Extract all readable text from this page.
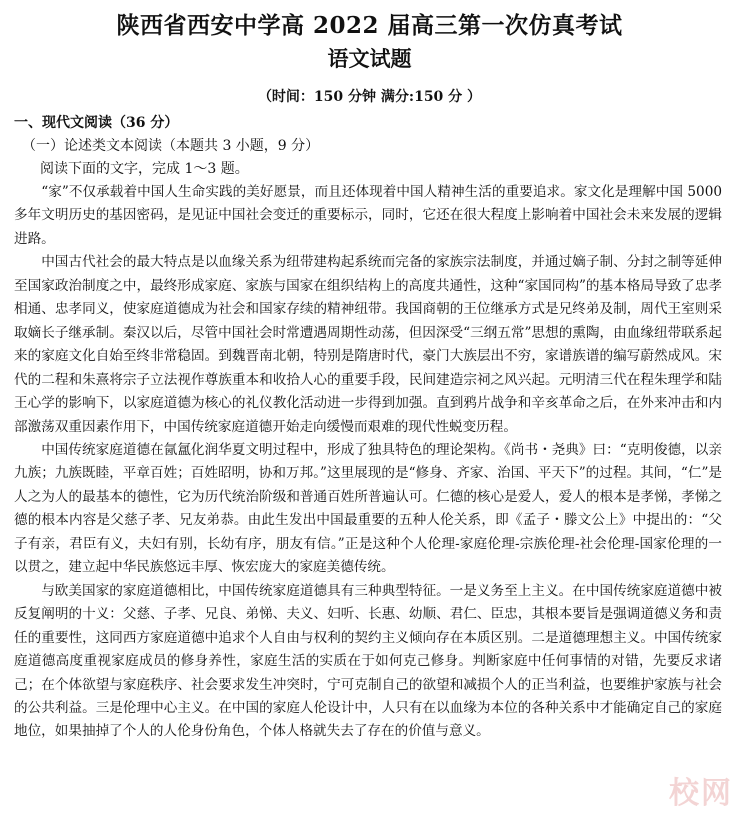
陕西省西安中学高 2022 届高三第一次仿真考试
语文试题
（时间：150 分钟 满分:150 分 ）
一、现代文阅读（36 分）
（一）论述类文本阅读（本题共 3 小题，9 分）
阅读下面的文字，完成 1～3 题。

“家”不仅承载着中国人生命实践的美好愿景，而且还体现着中国人精神生活的重要追求。家文化是理解中国 5000 多年文明历史的基因密码，是见证中国社会变迁的重要标示，同时，它还在很大程度上影响着中国社会未来发展的逻辑进路。

中国古代社会的最大特点是以血缘关系为纽带建构起系统而完备的家族宗法制度，并通过嫡子制、分封之制等延伸至国家政治制度之中，最终形成家庭、家族与国家在组织结构上的高度共通性，这种“家国同构”的基本格局导致了忠孝相通、忠孝同义，使家庭道德成为社会和国家存续的精神纽带。我国商朝的王位继承方式是兄终弟及制，周代王室则采取嫡长子继承制。秦汉以后，尽管中国社会时常遭遇周期性动荡，但因深受“三纲五常”思想的熏陶，由血缘纽带联系起来的家庭文化自始至终非常稳固。到魏晋南北朝，特别是隋唐时代，豪门大族层出不穷，家谱族谱的编写蔚然成风。宋代的二程和朱熹将宗子立法视作尊族重本和收拾人心的重要手段，民间建造宗祠之风兴起。元明清三代在程朱理学和陆王心学的影响下，以家庭道德为核心的礼仪教化活动进一步得到加强。直到鸦片战争和辛亥革命之后，在外来冲击和内部激荡双重因素作用下，中国传统家庭道德开始走向缓慢而艰难的现代性蜕变历程。

中国传统家庭道德在氤氲化润华夏文明过程中，形成了独具特色的理论架构。《尚书・尧典》曰：“克明俊德，以亲九族；九族既睦，平章百姓；百姓昭明，协和万邦。”这里展现的是“修身、齐家、治国、平天下”的过程。其间，“仁”是人之为人的最基本的德性，它为历代统治阶级和普通百姓所普遍认可。仁德的核心是爱人，爱人的根本是孝悌，孝悌之德的根本内容是父慈子孝、兄友弟恭。由此生发出中国最重要的五种人伦关系，即《孟子・滕文公上》中提出的：“父子有亲，君臣有义，夫妇有别，长幼有序，朋友有信。”正是这种个人伦理-家庭伦理-宗族伦理-社会伦理-国家伦理的一以贯之，建立起中华民族悠远丰厚、恢宏庞大的家庭美德传统。

与欧美国家的家庭道德相比，中国传统家庭道德具有三种典型特征。一是义务至上主义。在中国传统家庭道德中被反复阐明的十义：父慈、子孝、兄良、弟悌、夫义、妇听、长惠、幼顺、君仁、臣忠，其根本要旨是强调道德义务和责任的重要性，这同西方家庭道德中追求个人自由与权利的契约主义倾向存在本质区别。二是道德理想主义。中国传统家庭道德高度重视家庭成员的修身养性，家庭生活的实质在于如何克己修身。判断家庭中任何事情的对错，先要反求诸己；在个体欲望与家庭秩序、社会要求发生冲突时，宁可克制自己的欲望和减损个人的正当利益，也要维护家族与社会的公共利益。三是伦理中心主义。在中国的家庭人伦设计中，人只有在以血缘为本位的各种关系中才能确定自己的家庭地位，如果抽掉了个人的人伦身份角色，个体人格就失去了存在的价值与意义。

校网
